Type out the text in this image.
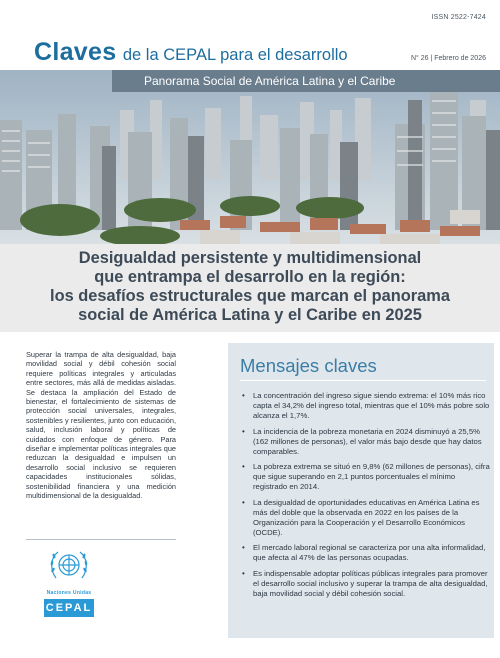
ISSN 2522-7424
Claves de la CEPAL para el desarrollo	N° 26 | Febrero de 2026
Panorama Social de América Latina y el Caribe
Desigualdad persistente y multidimensional
que entrampa el desarrollo en la región:
los desafíos estructurales que marcan el panorama
social de América Latina y el Caribe en 2025

Superar la trampa de alta desigualdad, baja movilidad social y débil cohesión social requiere políticas integrales y articuladas entre sectores, más allá de medidas aisladas. Se destaca la ampliación del Estado de bienestar, el fortalecimiento de sistemas de protección social universales, integrales, sostenibles y resilientes, junto con educación, salud, inclusión laboral y políticas de cuidados con enfoque de género. Para diseñar e implementar políticas integrales que reduzcan la desigualdad e impulsen un desarrollo social inclusivo se requieren capacidades institucionales sólidas, sostenibilidad financiera y una medición multidimensional de la desigualdad.

Naciones Unidas
CEPAL
Mensajes claves
• La concentración del ingreso sigue siendo extrema: el 10% más rico capta el 34,2% del ingreso total, mientras que el 10% más pobre solo alcanza el 1,7%.
• La incidencia de la pobreza monetaria en 2024 disminuyó a 25,5% (162 millones de personas), el valor más bajo desde que hay datos comparables.
• La pobreza extrema se situó en 9,8% (62 millones de personas), cifra que sigue superando en 2,1 puntos porcentuales el mínimo registrado en 2014.
• La desigualdad de oportunidades educativas en América Latina es más del doble que la observada en 2022 en los países de la Organización para la Cooperación y el Desarrollo Económicos (OCDE).
• El mercado laboral regional se caracteriza por una alta informalidad, que afecta al 47% de las personas ocupadas.
• Es indispensable adoptar políticas públicas integrales para promover el desarrollo social inclusivo y superar la trampa de alta desigualdad, baja movilidad social y débil cohesión social.
